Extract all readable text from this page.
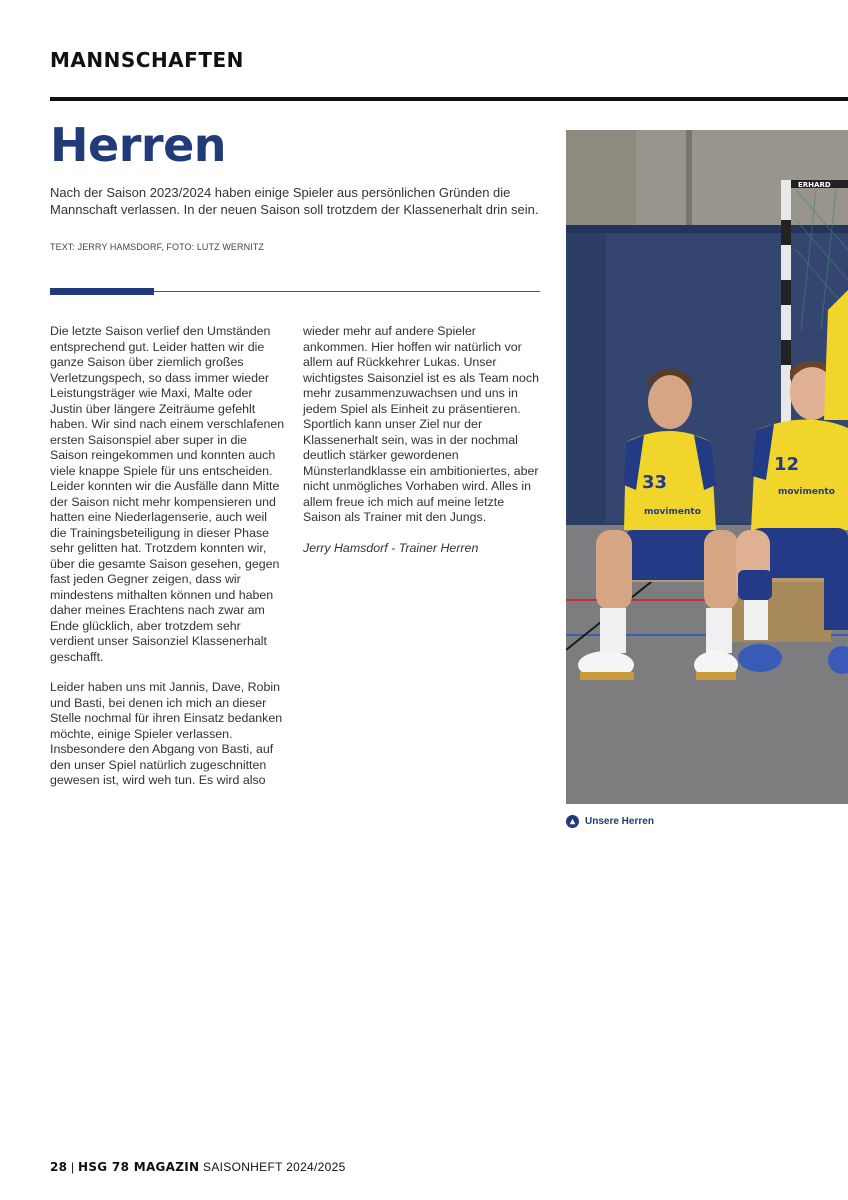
MANNSCHAFTEN
Herren
Nach der Saison 2023/2024 haben einige Spieler aus persönlichen Gründen die Mannschaft verlassen. In der neuen Saison soll trotzdem der Klassenerhalt drin sein.
TEXT: JERRY HAMSDORF, FOTO: LUTZ WERNITZ

Die letzte Saison verlief den Umständen entsprechend gut. Leider hatten wir die ganze Saison über ziemlich großes Verletzungspech, so dass immer wieder Leistungsträger wie Maxi, Malte oder Justin über längere Zeiträume gefehlt haben. Wir sind nach einem verschlafenen ersten Saisonspiel aber super in die Saison reingekommen und konnten auch viele knappe Spiele für uns entscheiden. Leider konnten wir die Ausfälle dann Mitte der Saison nicht mehr kompensieren und hatten eine Niederlagenserie, auch weil die Trainingsbeteiligung in dieser Phase sehr gelitten hat. Trotzdem konnten wir, über die gesamte Saison gesehen, gegen fast jeden Gegner zeigen, dass wir mindestens mithalten können und haben daher meines Erachtens nach zwar am Ende glücklich, aber trotzdem sehr verdient unser Saisonziel Klassenerhalt geschafft.

Leider haben uns mit Jannis, Dave, Robin und Basti, bei denen ich mich an dieser Stelle nochmal für ihren Einsatz bedanken möchte, einige Spieler verlassen. Insbesondere den Abgang von Basti, auf den unser Spiel natürlich zugeschnitten gewesen ist, wird weh tun. Es wird also

wieder mehr auf andere Spieler ankommen. Hier hoffen wir natürlich vor allem auf Rückkehrer Lukas. Unser wichtigstes Saisonziel ist es als Team noch mehr zusammenzuwachsen und uns in jedem Spiel als Einheit zu präsentieren. Sportlich kann unser Ziel nur der Klassenerhalt sein, was in der nochmal deutlich stärker gewordenen Münsterlandklasse ein ambitioniertes, aber nicht unmögliches Vorhaben wird. Alles in allem freue ich mich auf meine letzte Saison als Trainer mit den Jungs.

Jerry Hamsdorf - Trainer Herren

ERHARD
33
movimento
12
movimento
Unsere Herren
28 | HSG 78 MAGAZIN SAISONHEFT 2024/2025
